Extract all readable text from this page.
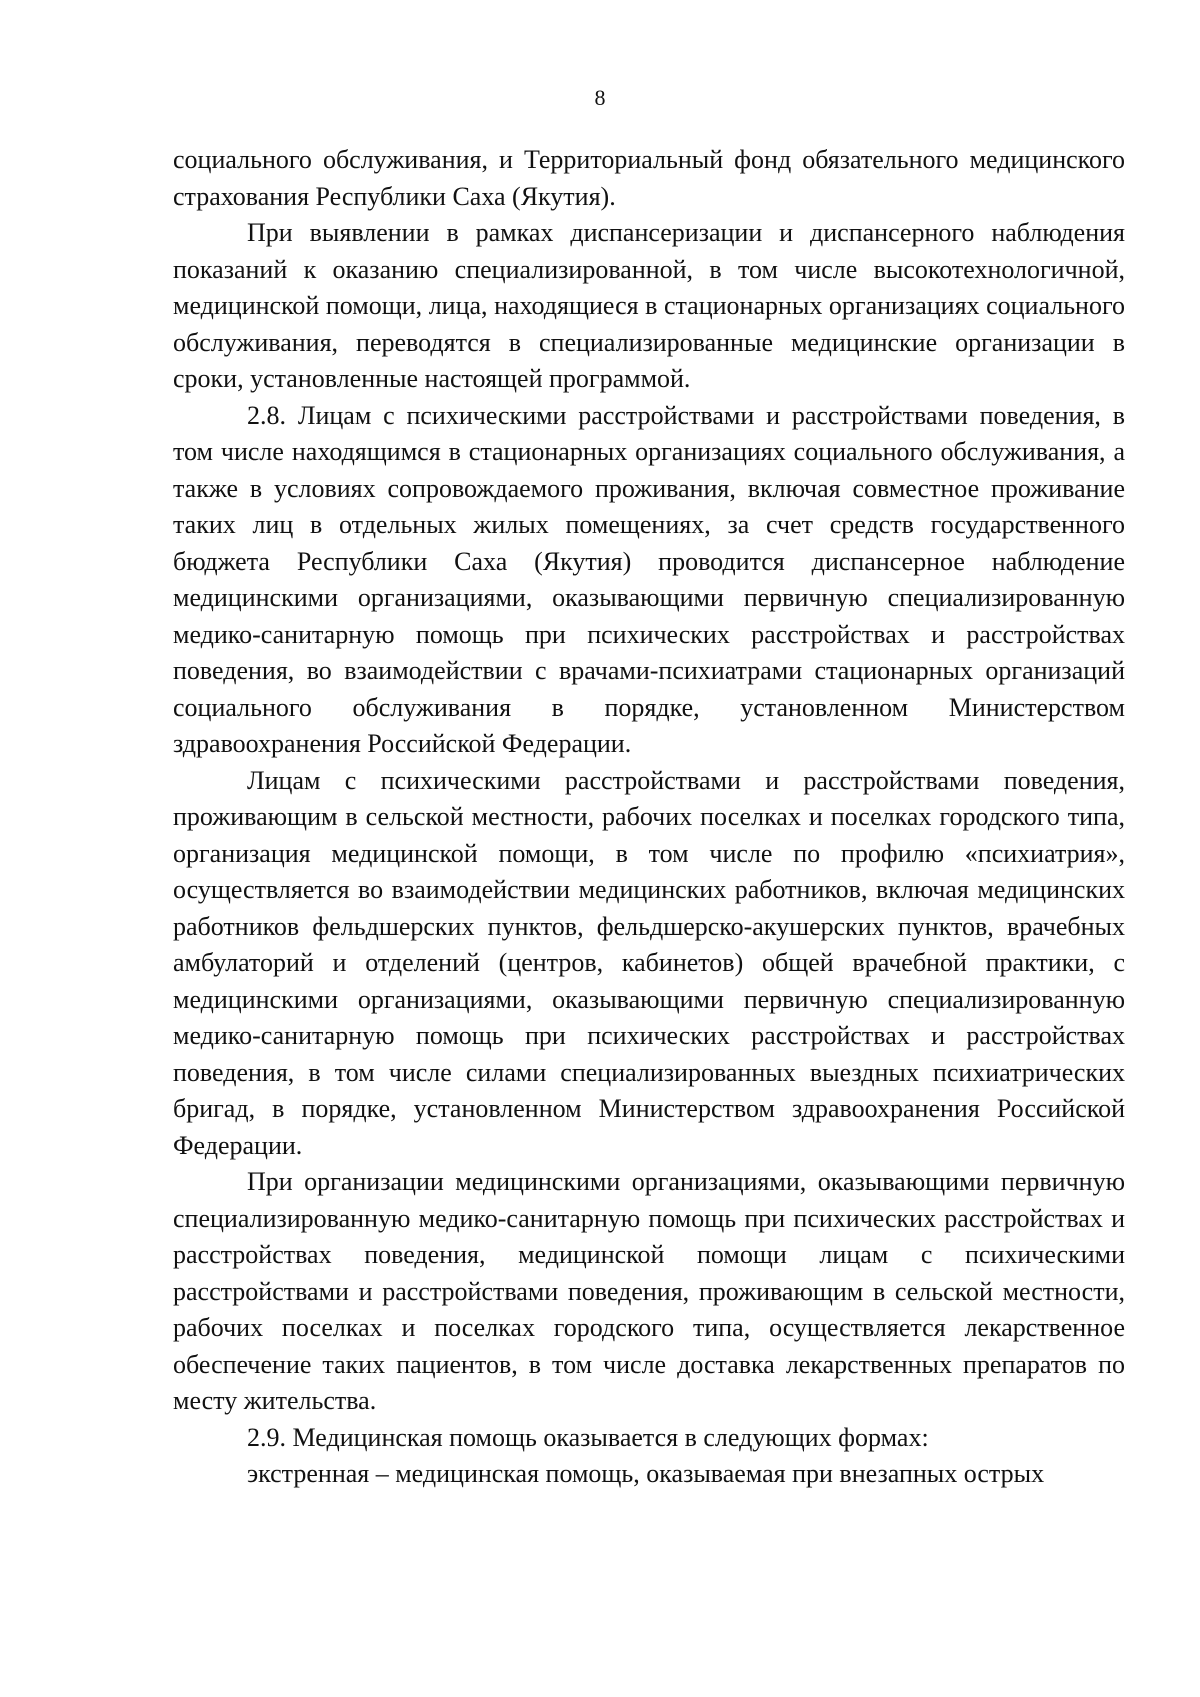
8

социального обслуживания, и Территориальный фонд обязательного медицинского страхования Республики Саха (Якутия).

При выявлении в рамках диспансеризации и диспансерного наблюдения показаний к оказанию специализированной, в том числе высокотехнологичной, медицинской помощи, лица, находящиеся в стационарных организациях социального обслуживания, переводятся в специализированные медицинские организации в сроки, установленные настоящей программой.

2.8. Лицам с психическими расстройствами и расстройствами поведения, в том числе находящимся в стационарных организациях социального обслуживания, а также в условиях сопровождаемого проживания, включая совместное проживание таких лиц в отдельных жилых помещениях, за счет средств государственного бюджета Республики Саха (Якутия) проводится диспансерное наблюдение медицинскими организациями, оказывающими первичную специализированную медико-санитарную помощь при психических расстройствах и расстройствах поведения, во взаимодействии с врачами-психиатрами стационарных организаций социального обслуживания в порядке, установленном Министерством здравоохранения Российской Федерации.

Лицам с психическими расстройствами и расстройствами поведения, проживающим в сельской местности, рабочих поселках и поселках городского типа, организация медицинской помощи, в том числе по профилю «психиатрия», осуществляется во взаимодействии медицинских работников, включая медицинских работников фельдшерских пунктов, фельдшерско-акушерских пунктов, врачебных амбулаторий и отделений (центров, кабинетов) общей врачебной практики, с медицинскими организациями, оказывающими первичную специализированную медико-санитарную помощь при психических расстройствах и расстройствах поведения, в том числе силами специализированных выездных психиатрических бригад, в порядке, установленном Министерством здравоохранения Российской Федерации.

При организации медицинскими организациями, оказывающими первичную специализированную медико-санитарную помощь при психических расстройствах и расстройствах поведения, медицинской помощи лицам с психическими расстройствами и расстройствами поведения, проживающим в сельской местности, рабочих поселках и поселках городского типа, осуществляется лекарственное обеспечение таких пациентов, в том числе доставка лекарственных препаратов по месту жительства.

2.9. Медицинская помощь оказывается в следующих формах:

экстренная – медицинская помощь, оказываемая при внезапных острых
